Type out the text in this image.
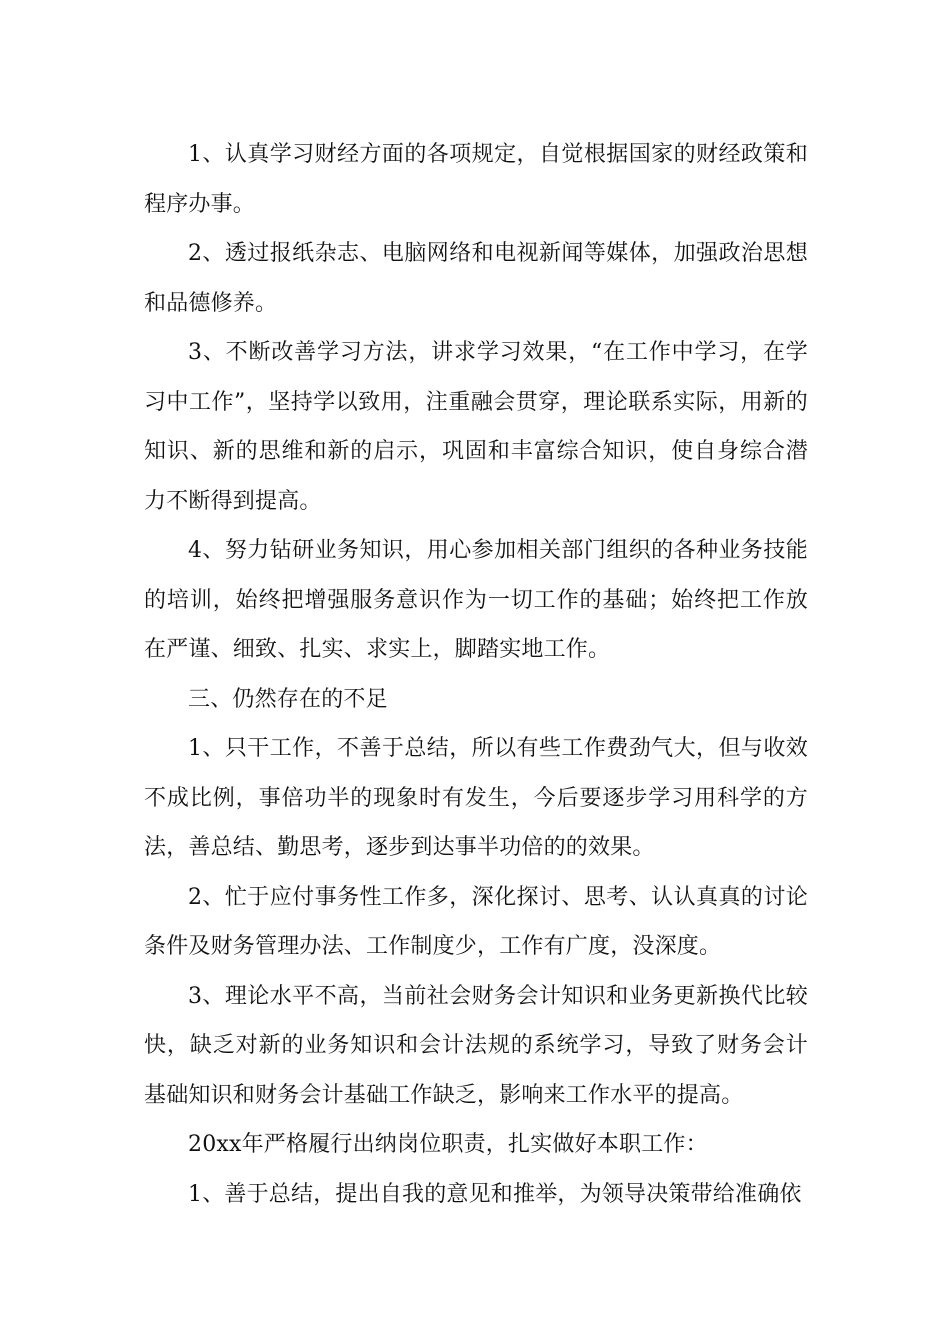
1、认真学习财经方面的各项规定，自觉根据国家的财经政策和程序办事。

2、透过报纸杂志、电脑网络和电视新闻等媒体，加强政治思想和品德修养。

3、不断改善学习方法，讲求学习效果，“在工作中学习，在学习中工作”，坚持学以致用，注重融会贯穿，理论联系实际，用新的知识、新的思维和新的启示，巩固和丰富综合知识，使自身综合潜力不断得到提高。

4、努力钻研业务知识，用心参加相关部门组织的各种业务技能的培训，始终把增强服务意识作为一切工作的基础；始终把工作放在严谨、细致、扎实、求实上，脚踏实地工作。

三、仍然存在的不足

1、只干工作，不善于总结，所以有些工作费劲气大，但与收效不成比例，事倍功半的现象时有发生，今后要逐步学习用科学的方法，善总结、勤思考，逐步到达事半功倍的的效果。

2、忙于应付事务性工作多，深化探讨、思考、认认真真的讨论条件及财务管理办法、工作制度少，工作有广度，没深度。

3、理论水平不高，当前社会财务会计知识和业务更新换代比较快，缺乏对新的业务知识和会计法规的系统学习，导致了财务会计基础知识和财务会计基础工作缺乏，影响来工作水平的提高。

20xx年严格履行出纳岗位职责，扎实做好本职工作：

1、善于总结，提出自我的意见和推举，为领导决策带给准确依
